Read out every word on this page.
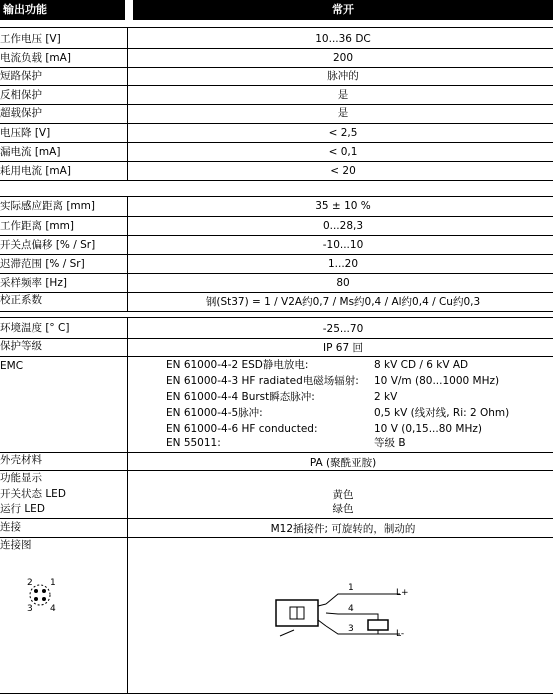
输出功能	常开
工作电压 [V]	10...36 DC
电流负载 [mA]	200
短路保护	脉冲的
反相保护	是
超载保护	是
电压降 [V]	< 2,5
漏电流 [mA]	< 0,1
耗用电流 [mA]	< 20
实际感应距离 [mm]	35 ± 10 %
工作距离 [mm]	0...28,3
开关点偏移 [% / Sr]	-10...10
迟滞范围 [% / Sr]	1...20
采样频率 [Hz]	80
校正系数	钢(St37) = 1 / V2A约0,7 / Ms约0,4 / Al约0,4 / Cu约0,3
环境温度 [° C]	-25...70
保护等级	IP 67 回
EMC	EN 61000-4-2 ESD静电放电:	8 kV CD / 6 kV AD
EN 61000-4-3 HF radiated电磁场辐射: 10 V/m (80...1000 MHz)
EN 61000-4-4 Burst瞬态脉冲:	2 kV
EN 61000-4-5脉冲:	0,5 kV (线对线, Ri: 2 Ohm)
EN 61000-4-6 HF conducted:	10 V (0,15...80 MHz)
EN 55011:	等级 B
外壳材料	PA (聚酰亚胺)
功能显示
开关状态 LED	黄色
运行 LED	绿色
连接	M12插接件; 可旋转的，制动的
连接图
2 1
3 4
1
4
3
L+
L-
